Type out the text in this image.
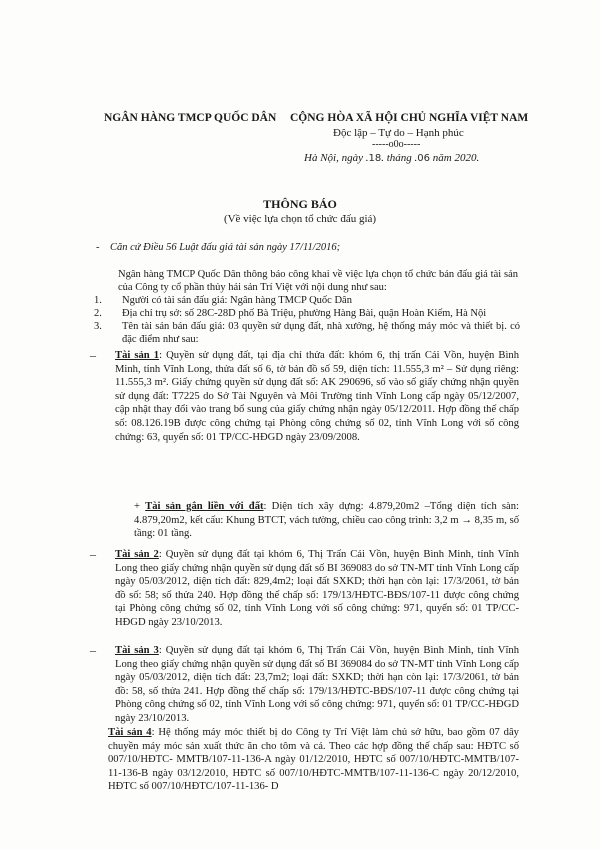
NGÂN HÀNG TMCP QUỐC DÂN CỘNG HÒA XÃ HỘI CHỦ NGHĨA VIỆT NAM
Độc lập – Tự do – Hạnh phúc
-----o0o-----
Hà Nội, ngày .18. tháng .06 năm 2020.
THÔNG BÁO
(Về việc lựa chọn tổ chức đấu giá)
- Căn cứ Điều 56 Luật đấu giá tài sản ngày 17/11/2016;
Ngân hàng TMCP Quốc Dân thông báo công khai về việc lựa chọn tổ chức bán đấu giá tài sản của Công ty cổ phần thủy hải sản Trí Việt với nội dung như sau:
1.	Người có tài sản đấu giá: Ngân hàng TMCP Quốc Dân
2.	Địa chỉ trụ sở: số 28C-28D phố Bà Triệu, phường Hàng Bài, quận Hoàn Kiếm, Hà Nội
3.	Tên tài sản bán đấu giá: 03 quyền sử dụng đất, nhà xưởng, hệ thống máy móc và thiết bị. có đặc điểm như sau:
– Tài sản 1: Quyền sử dụng đất, tại địa chỉ thửa đất: khóm 6, thị trấn Cái Vồn, huyện Bình Minh, tỉnh Vĩnh Long, thửa đất số 6, tờ bản đồ số 59, diện tích: 11.555,3 m² – Sử dụng riêng: 11.555,3 m². Giấy chứng quyền sử dụng đất số: AK 290696, số vào số giấy chứng nhận quyền sử dụng đất: T7225 do Sở Tài Nguyên và Môi Trường tỉnh Vĩnh Long cấp ngày 05/12/2007, cập nhật thay đổi vào trang bổ sung của giấy chứng nhận ngày 05/12/2011. Hợp đồng thế chấp số: 08.126.19B được công chứng tại Phòng công chứng số 02, tỉnh Vĩnh Long với số công chứng: 63, quyển số: 01 TP/CC-HĐGD ngày 23/09/2008.
+ Tài sản gắn liền với đất: Diện tích xây dựng: 4.879,20m2 –Tổng diện tích sàn: 4.879,20m2, kết cấu: Khung BTCT, vách tường, chiều cao công trình: 3,2 m → 8,35 m, số tầng: 01 tầng.
– Tài sản 2: Quyền sử dụng đất tại khóm 6, Thị Trấn Cái Vồn, huyện Bình Minh, tỉnh Vĩnh Long theo giấy chứng nhận quyền sử dụng đất số BI 369083 do sở TN-MT tỉnh Vĩnh Long cấp ngày 05/03/2012, diện tích đất: 829,4m2; loại đất SXKD; thời hạn còn lại: 17/3/2061, tờ bản đồ số: 58; số thửa 240. Hợp đồng thế chấp số: 179/13/HĐTC-BĐS/107-11 được công chứng tại Phòng công chứng số 02, tỉnh Vĩnh Long với số công chứng: 971, quyển số: 01 TP/CC-HĐGD ngày 23/10/2013.
– Tài sản 3: Quyền sử dụng đất tại khóm 6, Thị Trấn Cái Vồn, huyện Bình Minh, tỉnh Vĩnh Long theo giấy chứng nhận quyền sử dụng đất số BI 369084 do sở TN-MT tỉnh Vĩnh Long cấp ngày 05/03/2012, diện tích đất: 23,7m2; loại đất: SXKD; thời hạn còn lại: 17/3/2061, tờ bản đồ: 58, số thửa 241. Hợp đồng thế chấp số: 179/13/HĐTC-BĐS/107-11 được công chứng tại Phòng công chứng số 02, tỉnh Vĩnh Long với số công chứng: 971, quyển số: 01 TP/CC-HĐGD ngày 23/10/2013.
Tài sản 4: Hệ thống máy móc thiết bị do Công ty Trí Việt làm chủ sở hữu, bao gồm 07 dây chuyền máy móc sản xuất thức ăn cho tôm và cá. Theo các hợp đồng thế chấp sau: HĐTC số 007/10/HĐTC- MMTB/107-11-136-A ngày 01/12/2010, HĐTC số 007/10/HĐTC-MMTB/107-11-136-B ngày 03/12/2010, HĐTC số 007/10/HĐTC-MMTB/107-11-136-C ngày 20/12/2010, HĐTC số 007/10/HĐTC/107-11-136- D
